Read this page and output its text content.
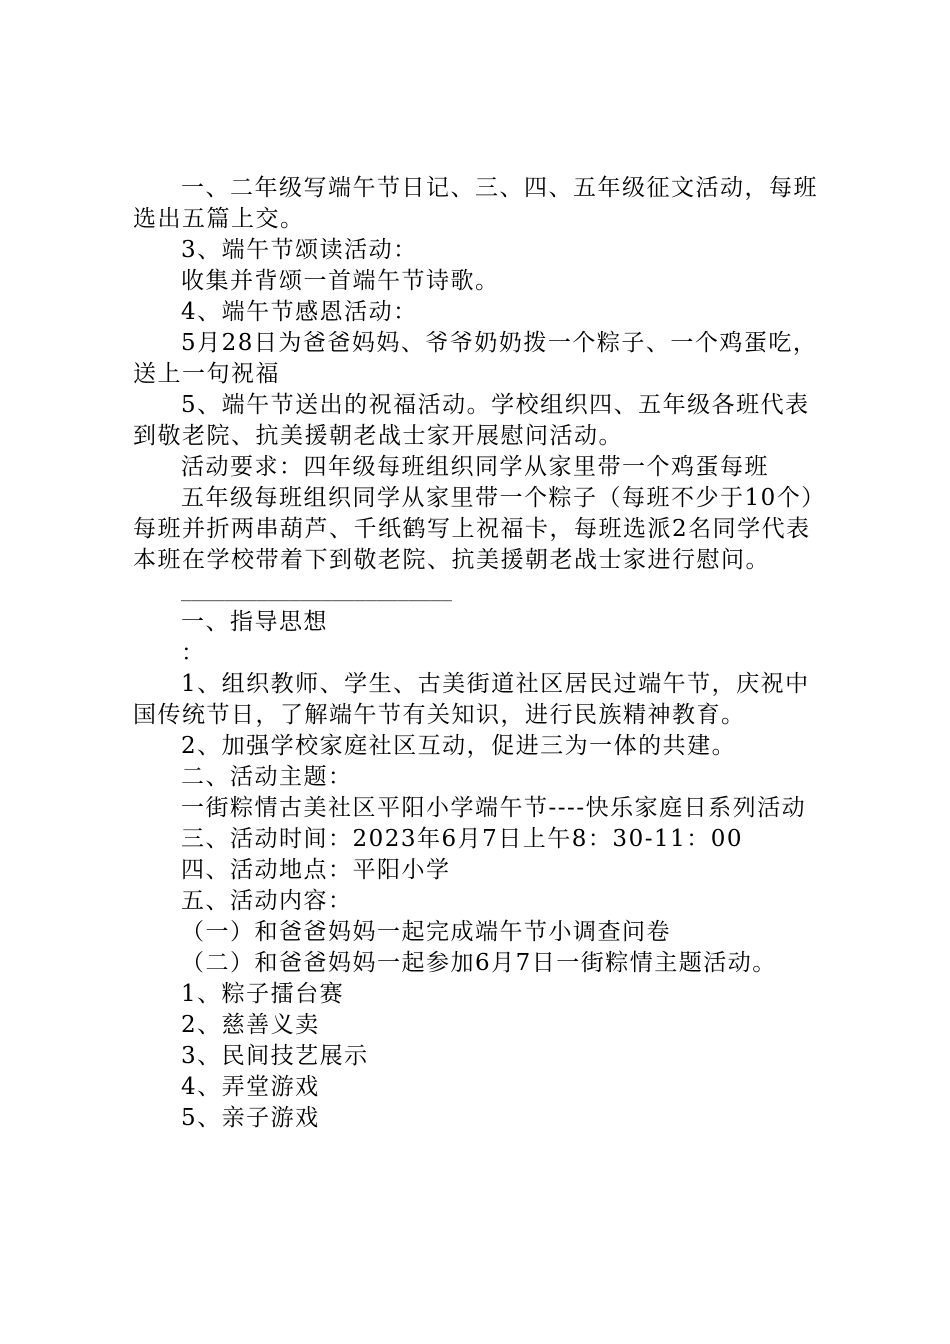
一、二年级写端午节日记、三、四、五年级征文活动，每班选出五篇上交。

3、端午节颂读活动：

收集并背颂一首端午节诗歌。

4、端午节感恩活动：

5月28日为爸爸妈妈、爷爷奶奶拨一个粽子、一个鸡蛋吃，送上一句祝福

5、端午节送出的祝福活动。学校组织四、五年级各班代表到敬老院、抗美援朝老战士家开展慰问活动。

活动要求：四年级每班组织同学从家里带一个鸡蛋每班

五年级每班组织同学从家里带一个粽子（每班不少于10个）每班并折两串葫芦、千纸鹤写上祝福卡，每班选派2名同学代表本班在学校带着下到敬老院、抗美援朝老战士家进行慰问。

_________________________

一、指导思想

：

1、组织教师、学生、古美街道社区居民过端午节，庆祝中国传统节日，了解端午节有关知识，进行民族精神教育。

2、加强学校家庭社区互动，促进三为一体的共建。

二、活动主题：

一街粽情古美社区平阳小学端午节----快乐家庭日系列活动

三、活动时间：2023年6月7日上午8：30-11：00

四、活动地点：平阳小学

五、活动内容：

（一）和爸爸妈妈一起完成端午节小调查问卷

（二）和爸爸妈妈一起参加6月7日一街粽情主题活动。

1、粽子擂台赛

2、慈善义卖

3、民间技艺展示

4、弄堂游戏

5、亲子游戏
